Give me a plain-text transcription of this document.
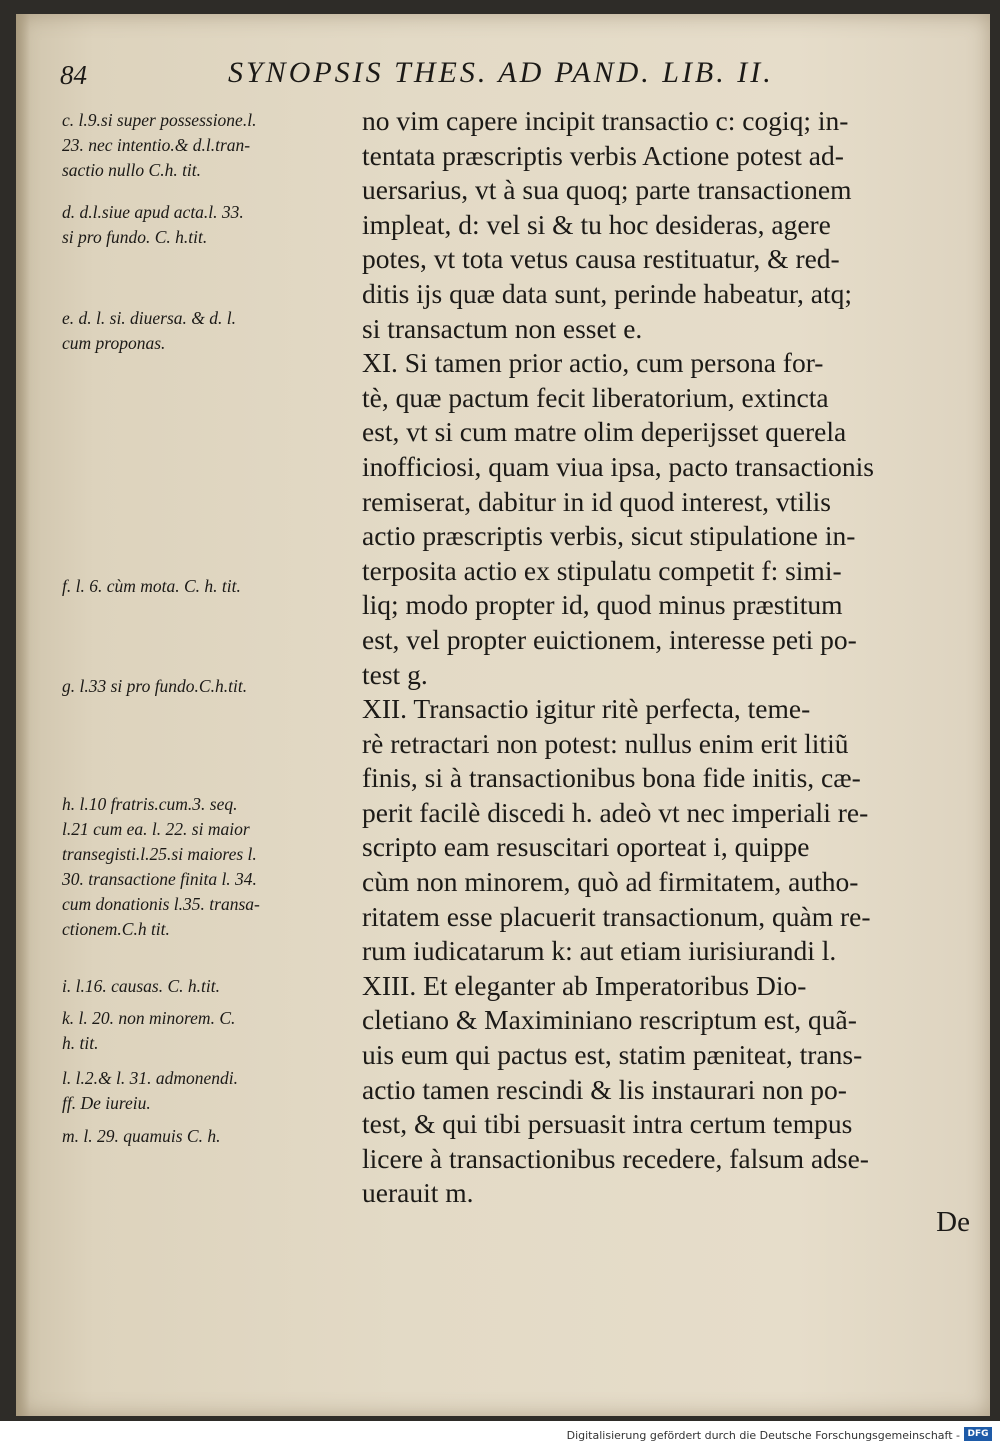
84	SYNOPSIS THES. AD PAND. LIB. II.
c. l.9.si super possessione.l.
23. nec intentio.& d.l.tran-
sactio nullo C.h. tit.
d. d.l.siue apud acta.l. 33.
si pro fundo. C. h.tit.
e. d. l. si. diuersa. & d. l.
cum proponas.
f. l. 6. cùm mota. C. h. tit.
g. l.33 si pro fundo.C.h.tit.
h. l.10 fratris.cum.3. seq.
l.21 cum ea. l. 22. si maior
transegisti.l.25.si maiores l.
30. transactione finita l. 34.
cum donationis l.35. transa-
ctionem.C.h tit.
i. l.16. causas. C. h.tit.
k. l. 20. non minorem. C.
h. tit.
l. l.2.& l. 31. admonendi.
ff. De iureiu.
m. l. 29. quamuis C. h.
no vim capere incipit transactio c: cogiq; in-
tentata præscriptis verbis Actione potest ad-
uersarius, vt à sua quoq; parte transactionem
impleat, d: vel si & tu hoc desideras, agere
potes, vt tota vetus causa restituatur, & red-
ditis ijs quæ data sunt, perinde habeatur, atq;
si transactum non esset e.
XI. Si tamen prior actio, cum persona for-
tè, quæ pactum fecit liberatorium, extincta
est, vt si cum matre olim deperijsset querela
inofficiosi, quam viua ipsa, pacto transactionis
remiserat, dabitur in id quod interest, vtilis
actio præscriptis verbis, sicut stipulatione in-
terposita actio ex stipulatu competit f: simi-
liq; modo propter id, quod minus præstitum
est, vel propter euictionem, interesse peti po-
test g.
XII. Transactio igitur ritè perfecta, teme-
rè retractari non potest: nullus enim erit litiũ
finis, si à transactionibus bona fide initis, cæ-
perit facilè discedi h. adeò vt nec imperiali re-
scripto eam resuscitari oporteat i, quippe
cùm non minorem, quò ad firmitatem, autho-
ritatem esse placuerit transactionum, quàm re-
rum iudicatarum k: aut etiam iurisiurandi l.
XIII. Et eleganter ab Imperatoribus Dio-
cletiano & Maximiniano rescriptum est, quã-
uis eum qui pactus est, statim pæniteat, trans-
actio tamen rescindi & lis instaurari non po-
test, & qui tibi persuasit intra certum tempus
licere à transactionibus recedere, falsum adse-
uerauit m.
De
Digitalisierung gefördert durch die Deutsche Forschungsgemeinschaft - DFG
